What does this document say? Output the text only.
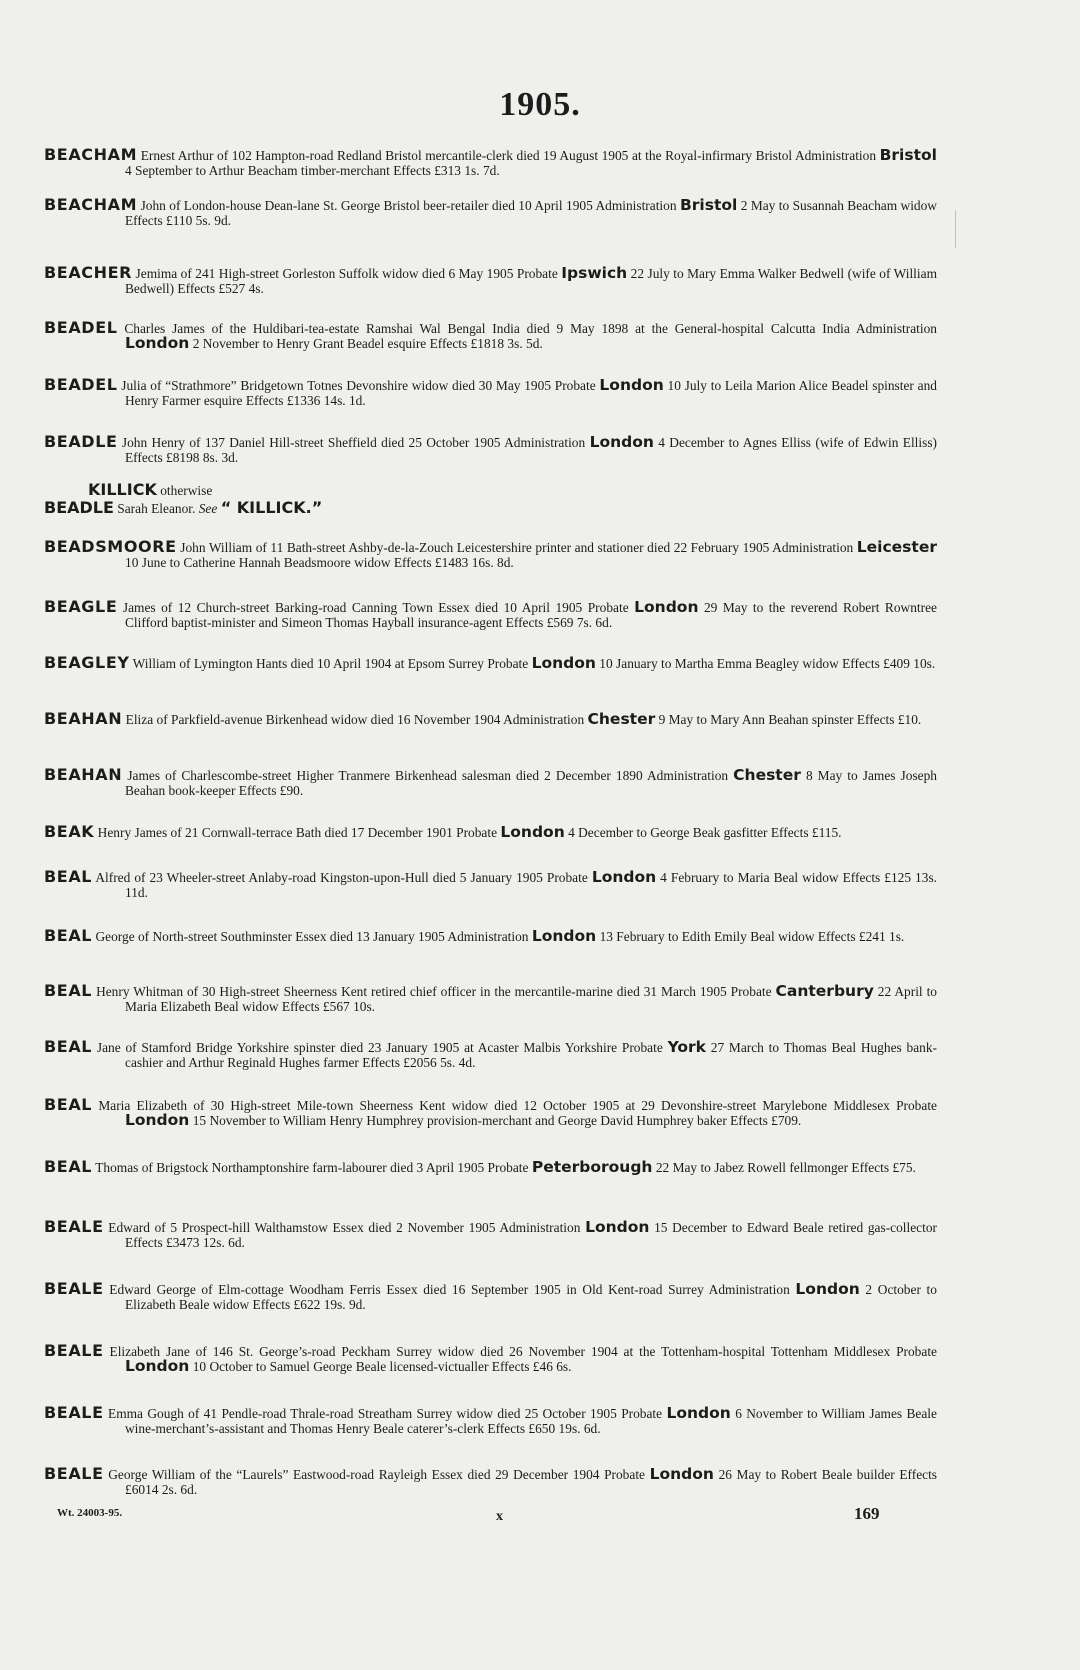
1905.
BEACHAM Ernest Arthur of 102 Hampton-road Redland Bristol mercantile-clerk died 19 August 1905 at the Royal-infirmary Bristol Administration Bristol 4 September to Arthur Beacham timber-merchant Effects £313 1s. 7d.
BEACHAM John of London-house Dean-lane St. George Bristol beer-retailer died 10 April 1905 Administration Bristol 2 May to Susannah Beacham widow Effects £110 5s. 9d.
BEACHER Jemima of 241 High-street Gorleston Suffolk widow died 6 May 1905 Probate Ipswich 22 July to Mary Emma Walker Bedwell (wife of William Bedwell) Effects £527 4s.
BEADEL Charles James of the Huldibari-tea-estate Ramshai Wal Bengal India died 9 May 1898 at the General-hospital Calcutta India Administration London 2 November to Henry Grant Beadel esquire Effects £1818 3s. 5d.
BEADEL Julia of “Strathmore” Bridgetown Totnes Devonshire widow died 30 May 1905 Probate London 10 July to Leila Marion Alice Beadel spinster and Henry Farmer esquire Effects £1336 14s. 1d.
BEADLE John Henry of 137 Daniel Hill-street Sheffield died 25 October 1905 Administration London 4 December to Agnes Elliss (wife of Edwin Elliss) Effects £8198 8s. 3d.
KILLICK otherwise
BEADLE Sarah Eleanor. See “ KILLICK.”
BEADSMOORE John William of 11 Bath-street Ashby-de-la-Zouch Leicestershire printer and stationer died 22 February 1905 Administration Leicester 10 June to Catherine Hannah Beadsmoore widow Effects £1483 16s. 8d.
BEAGLE James of 12 Church-street Barking-road Canning Town Essex died 10 April 1905 Probate London 29 May to the reverend Robert Rowntree Clifford baptist-minister and Simeon Thomas Hayball insurance-agent Effects £569 7s. 6d.
BEAGLEY William of Lymington Hants died 10 April 1904 at Epsom Surrey Probate London 10 January to Martha Emma Beagley widow Effects £409 10s.
BEAHAN Eliza of Parkfield-avenue Birkenhead widow died 16 November 1904 Administration Chester 9 May to Mary Ann Beahan spinster Effects £10.
BEAHAN James of Charlescombe-street Higher Tranmere Birkenhead salesman died 2 December 1890 Administration Chester 8 May to James Joseph Beahan book-keeper Effects £90.
BEAK Henry James of 21 Cornwall-terrace Bath died 17 December 1901 Probate London 4 December to George Beak gasfitter Effects £115.
BEAL Alfred of 23 Wheeler-street Anlaby-road Kingston-upon-Hull died 5 January 1905 Probate London 4 February to Maria Beal widow Effects £125 13s. 11d.
BEAL George of North-street Southminster Essex died 13 January 1905 Administration London 13 February to Edith Emily Beal widow Effects £241 1s.
BEAL Henry Whitman of 30 High-street Sheerness Kent retired chief officer in the mercantile-marine died 31 March 1905 Probate Canterbury 22 April to Maria Elizabeth Beal widow Effects £567 10s.
BEAL Jane of Stamford Bridge Yorkshire spinster died 23 January 1905 at Acaster Malbis Yorkshire Probate York 27 March to Thomas Beal Hughes bank-cashier and Arthur Reginald Hughes farmer Effects £2056 5s. 4d.
BEAL Maria Elizabeth of 30 High-street Mile-town Sheerness Kent widow died 12 October 1905 at 29 Devonshire-street Marylebone Middlesex Probate London 15 November to William Henry Humphrey provision-merchant and George David Humphrey baker Effects £709.
BEAL Thomas of Brigstock Northamptonshire farm-labourer died 3 April 1905 Probate Peterborough 22 May to Jabez Rowell fellmonger Effects £75.
BEALE Edward of 5 Prospect-hill Walthamstow Essex died 2 November 1905 Administration London 15 December to Edward Beale retired gas-collector Effects £3473 12s. 6d.
BEALE Edward George of Elm-cottage Woodham Ferris Essex died 16 September 1905 in Old Kent-road Surrey Administration London 2 October to Elizabeth Beale widow Effects £622 19s. 9d.
BEALE Elizabeth Jane of 146 St. George’s-road Peckham Surrey widow died 26 November 1904 at the Tottenham-hospital Tottenham Middlesex Probate London 10 October to Samuel George Beale licensed-victualler Effects £46 6s.
BEALE Emma Gough of 41 Pendle-road Thrale-road Streatham Surrey widow died 25 October 1905 Probate London 6 November to William James Beale wine-merchant’s-assistant and Thomas Henry Beale caterer’s-clerk Effects £650 19s. 6d.
BEALE George William of the “Laurels” Eastwood-road Rayleigh Essex died 29 December 1904 Probate London 26 May to Robert Beale builder Effects £6014 2s. 6d.
Wt. 24003-95.	x	169
